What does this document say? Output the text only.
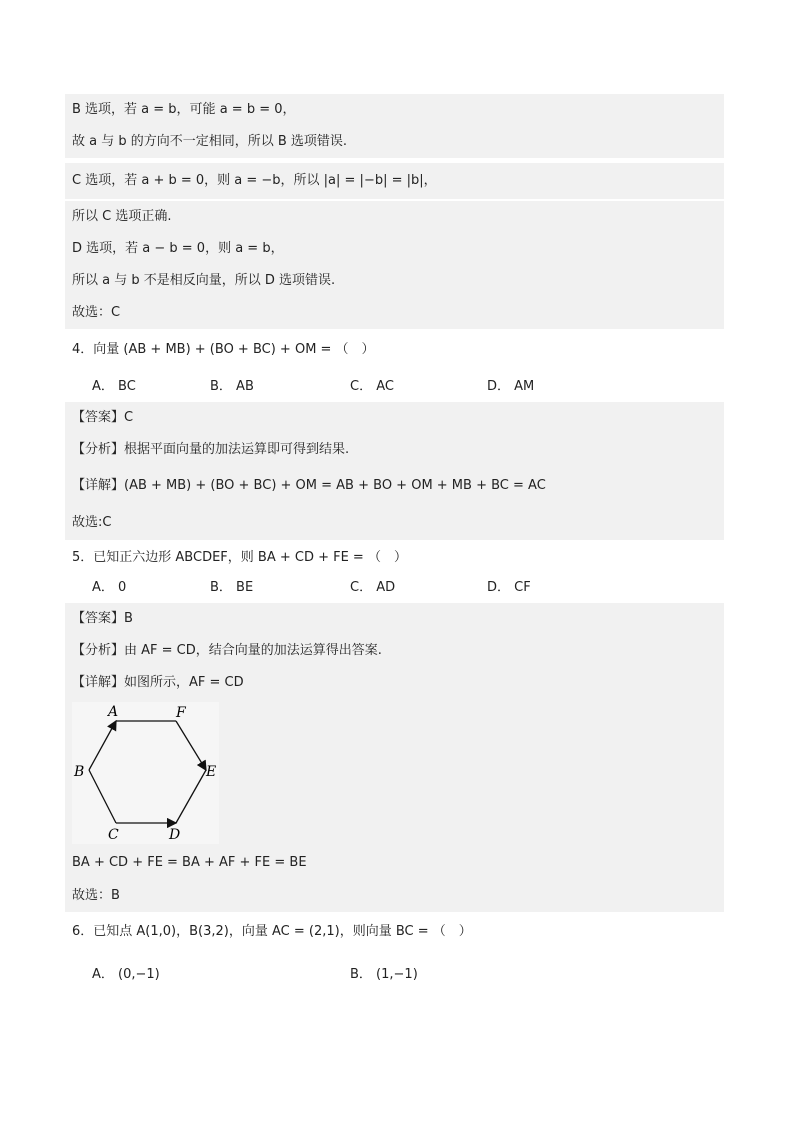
B 选项，若 a = b，可能 a = b = 0，
故 a 与 b 的方向不一定相同，所以 B 选项错误.
C 选项，若 a + b = 0，则 a = −b，所以 |a| = |−b| = |b|，
所以 C 选项正确.
D 选项，若 a − b = 0，则 a = b，
所以 a 与 b 不是相反向量，所以 D 选项错误.
故选：C
4．向量 (AB + MB) + (BO + BC) + OM = （　）
A． BC	B． AB	C． AC	D． AM
【答案】C
【分析】根据平面向量的加法运算即可得到结果.
【详解】(AB + MB) + (BO + BC) + OM = AB + BO + OM + MB + BC = AC
故选:C
5．已知正六边形 ABCDEF，则 BA + CD + FE = （　）
A． 0	B． BE	C． AD	D． CF
【答案】B
【分析】由 AF = CD，结合向量的加法运算得出答案.
【详解】如图所示，AF = CD
A	F
B	E
C	D
BA + CD + FE = BA + AF + FE = BE
故选：B
6．已知点 A(1,0)，B(3,2)，向量 AC = (2,1)，则向量 BC = （　）
A． (0,−1)	B． (1,−1)
